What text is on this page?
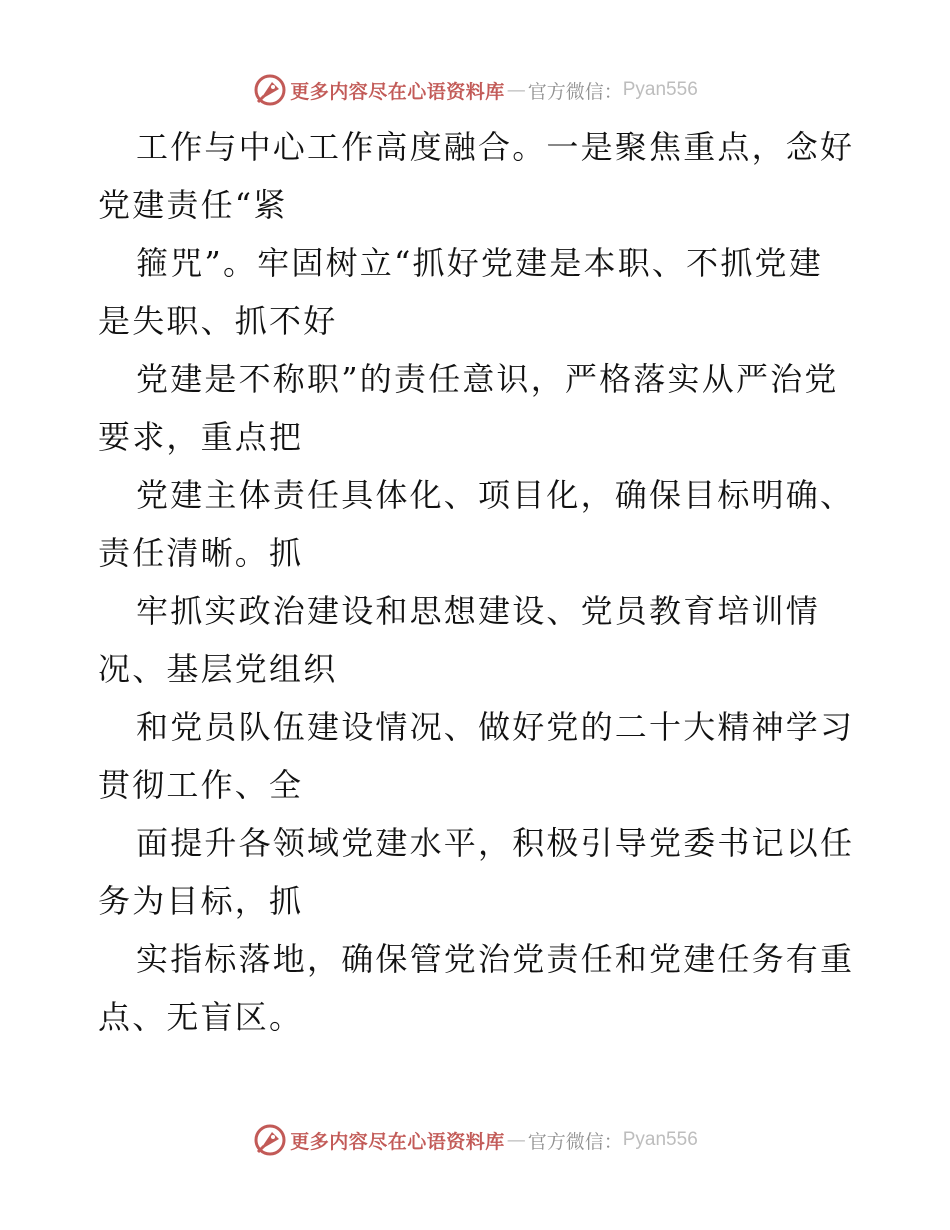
更多内容尽在心语资料库 — 官方微信： Pyan556
工作与中心工作高度融合。一是聚焦重点，念好
党建责任“紧
箍咒”。牢固树立“抓好党建是本职、不抓党建
是失职、抓不好
党建是不称职”的责任意识，严格落实从严治党
要求，重点把
党建主体责任具体化、项目化，确保目标明确、
责任清晰。抓
牢抓实政治建设和思想建设、党员教育培训情
况、基层党组织
和党员队伍建设情况、做好党的二十大精神学习
贯彻工作、全
面提升各领域党建水平，积极引导党委书记以任
务为目标，抓
实指标落地，确保管党治党责任和党建任务有重
点、无盲区。
更多内容尽在心语资料库 — 官方微信： Pyan556
